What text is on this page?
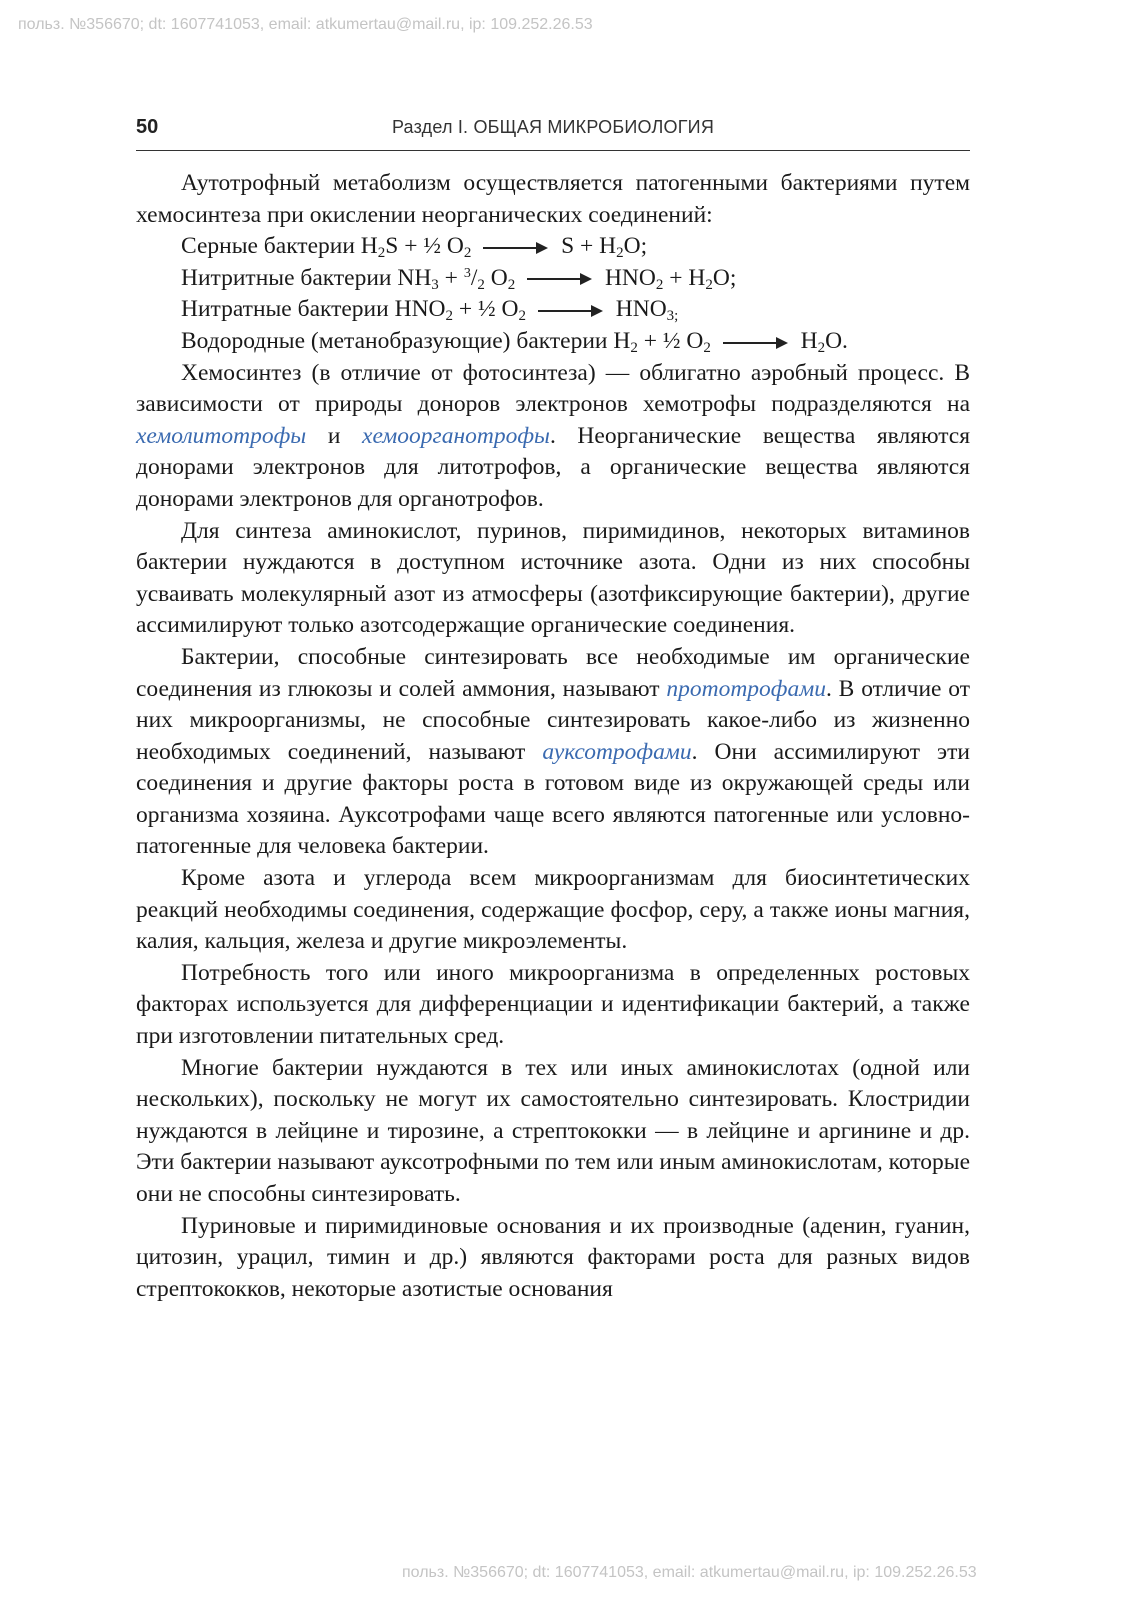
польз. №356670; dt: 1607741053, email: atkumertau@mail.ru, ip: 109.252.26.53
50	Раздел I. ОБЩАЯ МИКРОБИОЛОГИЯ

Аутотрофный метаболизм осуществляется патогенными бактериями путем хемосинтеза при окислении неорганических соединений:

Серные бактерии $H_2S$ + ½ $O_2 \to S + H_2O$;

Нитритные бактерии $NH_3 + ^3/_2$ $O_2 \to HNO_2 + H_2O$;

Нитратные бактерии $HNO_2$ + ½ $O_2 \to HNO_{3;}$

Водородные (метанобразующие) бактерии $H_2$ + ½ $O_2 \to H_2O$.

Хемосинтез (в отличие от фотосинтеза) — облигатно аэробный процесс. В зависимости от природы доноров электронов хемотрофы подразделяются на хемолитотрофы и хемоорганотрофы. Неорганические вещества являются донорами электронов для литотрофов, а органические вещества являются донорами электронов для органотрофов.

Для синтеза аминокислот, пуринов, пиримидинов, некоторых витаминов бактерии нуждаются в доступном источнике азота. Одни из них способны усваивать молекулярный азот из атмосферы (азотфиксирующие бактерии), другие ассимилируют только азотсодержащие органические соединения.

Бактерии, способные синтезировать все необходимые им органические соединения из глюкозы и солей аммония, называют прототрофами. В отличие от них микроорганизмы, не способные синтезировать какое-либо из жизненно необходимых соединений, называют ауксотрофами. Они ассимилируют эти соединения и другие факторы роста в готовом виде из окружающей среды или организма хозяина. Ауксотрофами чаще всего являются патогенные или условно-патогенные для человека бактерии.

Кроме азота и углерода всем микроорганизмам для биосинтетических реакций необходимы соединения, содержащие фосфор, серу, а также ионы магния, калия, кальция, железа и другие микроэлементы.

Потребность того или иного микроорганизма в определенных ростовых факторах используется для дифференциации и идентификации бактерий, а также при изготовлении питательных сред.

Многие бактерии нуждаются в тех или иных аминокислотах (одной или нескольких), поскольку не могут их самостоятельно синтезировать. Клостридии нуждаются в лейцине и тирозине, а стрептококки — в лейцине и аргинине и др. Эти бактерии называют ауксотрофными по тем или иным аминокислотам, которые они не способны синтезировать.

Пуриновые и пиримидиновые основания и их производные (аденин, гуанин, цитозин, урацил, тимин и др.) являются факторами роста для разных видов стрептококков, некоторые азотистые основания

польз. №356670; dt: 1607741053, email: atkumertau@mail.ru, ip: 109.252.26.53
